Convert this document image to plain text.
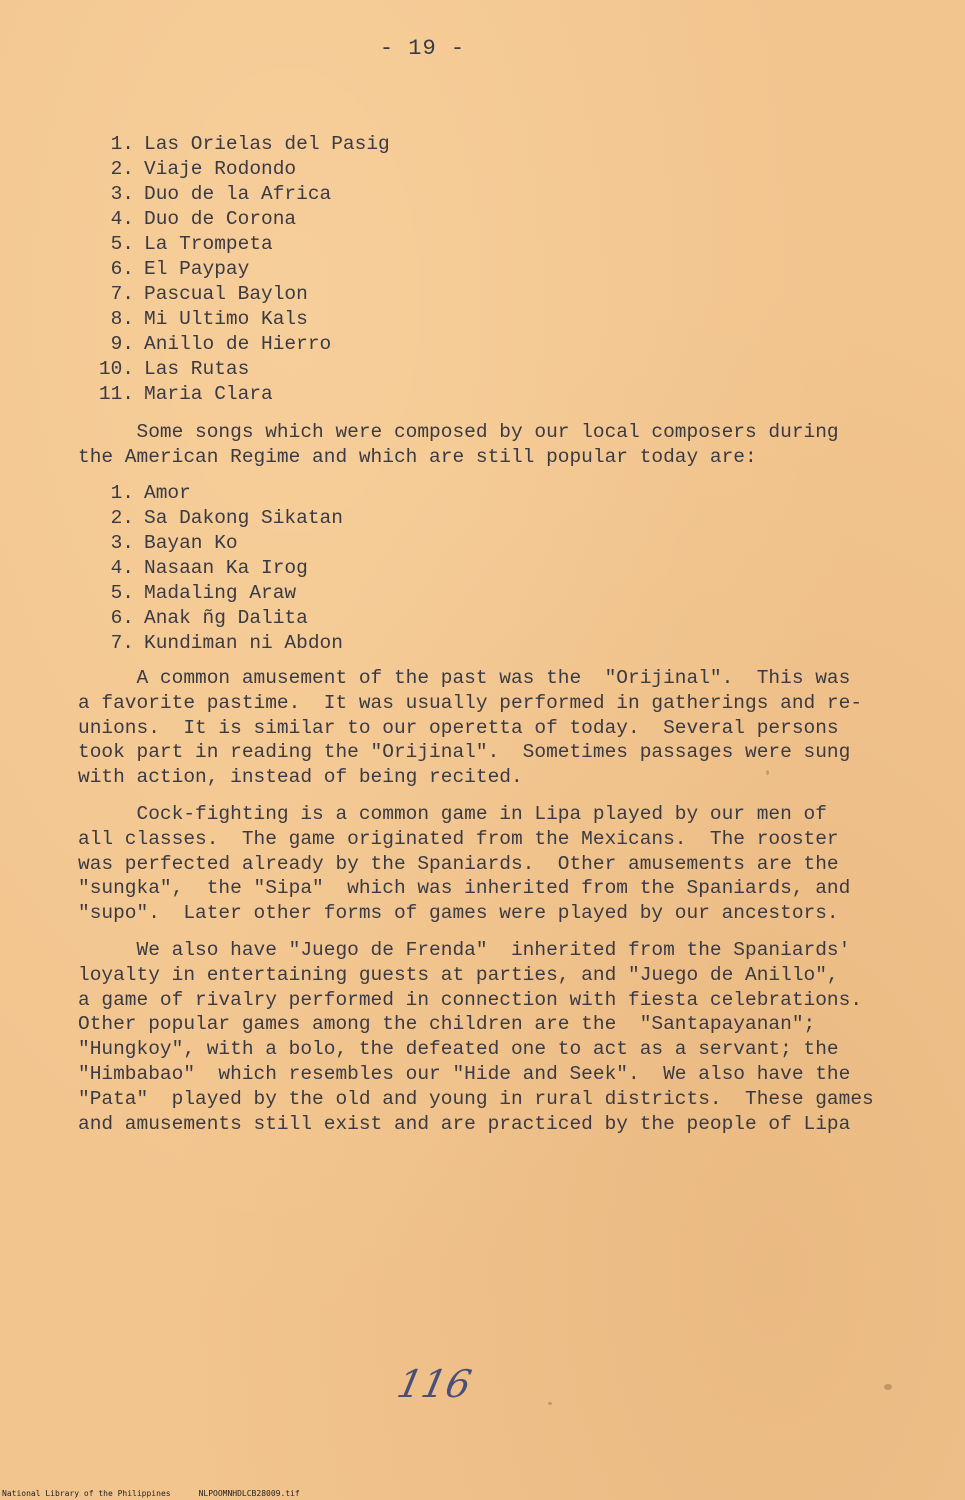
- 19 -
1. Las Orielas del Pasig
2. Viaje Rodondo
3. Duo de la Africa
4. Duo de Corona
5. La Trompeta
6. El Paypay
7. Pascual Baylon
8. Mi Ultimo Kals
9. Anillo de Hierro
10. Las Rutas
11. Maria Clara
Some songs which were composed by our local composers during
the American Regime and which are still popular today are:
1. Amor
2. Sa Dakong Sikatan
3. Bayan Ko
4. Nasaan Ka Irog
5. Madaling Araw
6. Anak ñg Dalita
7. Kundiman ni Abdon
A common amusement of the past was the  "Orijinal".  This was
a favorite pastime.  It was usually performed in gatherings and re-
unions.  It is similar to our operetta of today.  Several persons
took part in reading the "Orijinal".  Sometimes passages were sung
with action, instead of being recited.
Cock-fighting is a common game in Lipa played by our men of
all classes.  The game originated from the Mexicans.  The rooster
was perfected already by the Spaniards.  Other amusements are the
"sungka",  the "Sipa"  which was inherited from the Spaniards, and
"supo".  Later other forms of games were played by our ancestors.
We also have "Juego de Frenda"  inherited from the Spaniards'
loyalty in entertaining guests at parties, and "Juego de Anillo",
a game of rivalry performed in connection with fiesta celebrations.
Other popular games among the children are the  "Santapayanan";
"Hungkoy", with a bolo, the defeated one to act as a servant; the
"Himbabao"  which resembles our "Hide and Seek".  We also have the
"Pata"  played by the old and young in rural districts.  These games
and amusements still exist and are practiced by the people of Lipa
116
National Library of the Philippines	NLPOOMNHDLCB28009.tif
